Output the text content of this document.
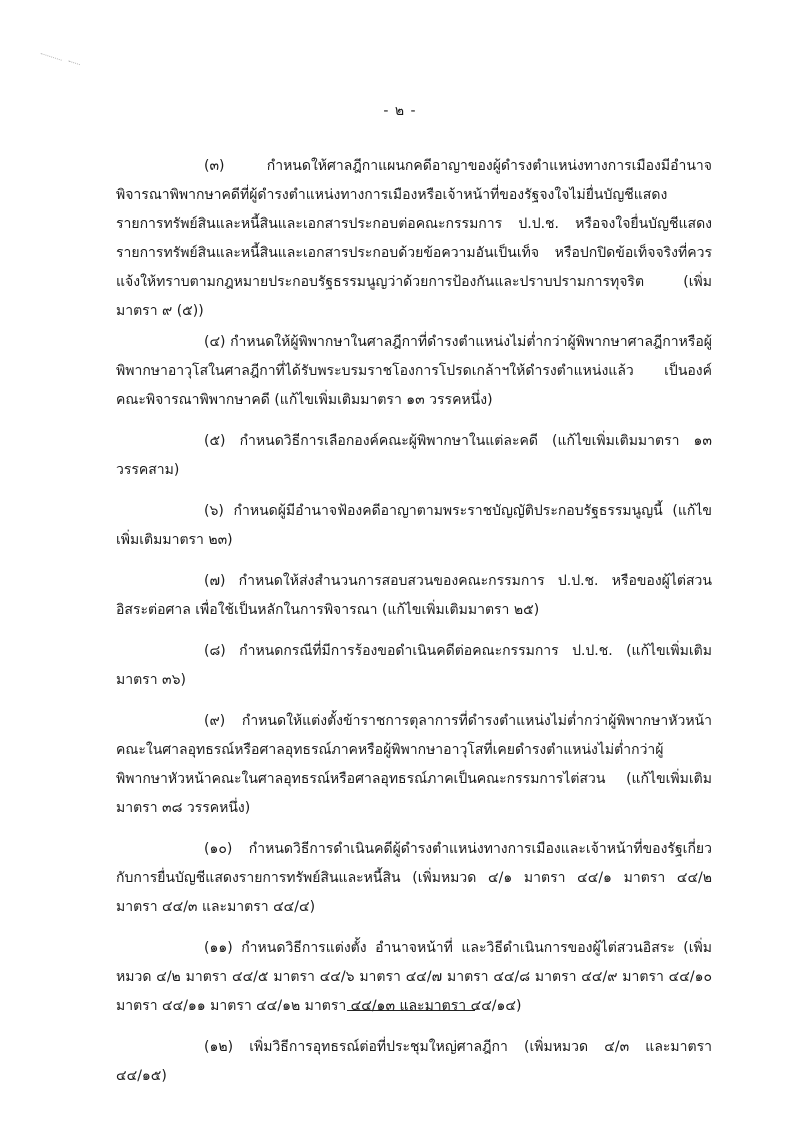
- ๒ -

(๓) กำหนดให้ศาลฎีกาแผนกคดีอาญาของผู้ดำรงตำแหน่งทางการเมืองมีอำนาจพิจารณาพิพากษาคดีที่ผู้ดำรงตำแหน่งทางการเมืองหรือเจ้าหน้าที่ของรัฐจงใจไม่ยื่นบัญชีแสดงรายการทรัพย์สินและหนี้สินและเอกสารประกอบต่อคณะกรรมการ ป.ป.ช. หรือจงใจยื่นบัญชีแสดงรายการทรัพย์สินและหนี้สินและเอกสารประกอบด้วยข้อความอันเป็นเท็จ หรือปกปิดข้อเท็จจริงที่ควรแจ้งให้ทราบตามกฎหมายประกอบรัฐธรรมนูญว่าด้วยการป้องกันและปราบปรามการทุจริต (เพิ่มมาตรา ๙ (๕))

(๔) กำหนดให้ผู้พิพากษาในศาลฎีกาที่ดำรงตำแหน่งไม่ต่ำกว่าผู้พิพากษาศาลฎีกาหรือผู้พิพากษาอาวุโสในศาลฎีกาที่ได้รับพระบรมราชโองการโปรดเกล้าฯให้ดำรงตำแหน่งแล้ว เป็นองค์คณะพิจารณาพิพากษาคดี (แก้ไขเพิ่มเติมมาตรา ๑๓ วรรคหนึ่ง)

(๕) กำหนดวิธีการเลือกองค์คณะผู้พิพากษาในแต่ละคดี (แก้ไขเพิ่มเติมมาตรา ๑๓ วรรคสาม)

(๖) กำหนดผู้มีอำนาจฟ้องคดีอาญาตามพระราชบัญญัติประกอบรัฐธรรมนูญนี้ (แก้ไขเพิ่มเติมมาตรา ๒๓)

(๗) กำหนดให้ส่งสำนวนการสอบสวนของคณะกรรมการ ป.ป.ช. หรือของผู้ไต่สวนอิสระต่อศาล เพื่อใช้เป็นหลักในการพิจารณา (แก้ไขเพิ่มเติมมาตรา ๒๕)

(๘) กำหนดกรณีที่มีการร้องขอดำเนินคดีต่อคณะกรรมการ ป.ป.ช. (แก้ไขเพิ่มเติมมาตรา ๓๖)

(๙) กำหนดให้แต่งตั้งข้าราชการตุลาการที่ดำรงตำแหน่งไม่ต่ำกว่าผู้พิพากษาหัวหน้าคณะในศาลอุทธรณ์หรือศาลอุทธรณ์ภาคหรือผู้พิพากษาอาวุโสที่เคยดำรงตำแหน่งไม่ต่ำกว่าผู้พิพากษาหัวหน้าคณะในศาลอุทธรณ์หรือศาลอุทธรณ์ภาคเป็นคณะกรรมการไต่สวน (แก้ไขเพิ่มเติมมาตรา ๓๘ วรรคหนึ่ง)

(๑๐) กำหนดวิธีการดำเนินคดีผู้ดำรงตำแหน่งทางการเมืองและเจ้าหน้าที่ของรัฐเกี่ยวกับการยื่นบัญชีแสดงรายการทรัพย์สินและหนี้สิน (เพิ่มหมวด ๔/๑ มาตรา ๔๔/๑ มาตรา ๔๔/๒ มาตรา ๔๔/๓ และมาตรา ๔๔/๔)

(๑๑) กำหนดวิธีการแต่งตั้ง อำนาจหน้าที่ และวิธีดำเนินการของผู้ไต่สวนอิสระ (เพิ่มหมวด ๔/๒ มาตรา ๔๔/๕ มาตรา ๔๔/๖ มาตรา ๔๔/๗ มาตรา ๔๔/๘ มาตรา ๔๔/๙ มาตรา ๔๔/๑๐ มาตรา ๔๔/๑๑ มาตรา ๔๔/๑๒ มาตรา ๔๔/๑๓ และมาตรา ๔๔/๑๔)

(๑๒) เพิ่มวิธีการอุทธรณ์ต่อที่ประชุมใหญ่ศาลฎีกา (เพิ่มหมวด ๔/๓ และมาตรา ๔๔/๑๕)
